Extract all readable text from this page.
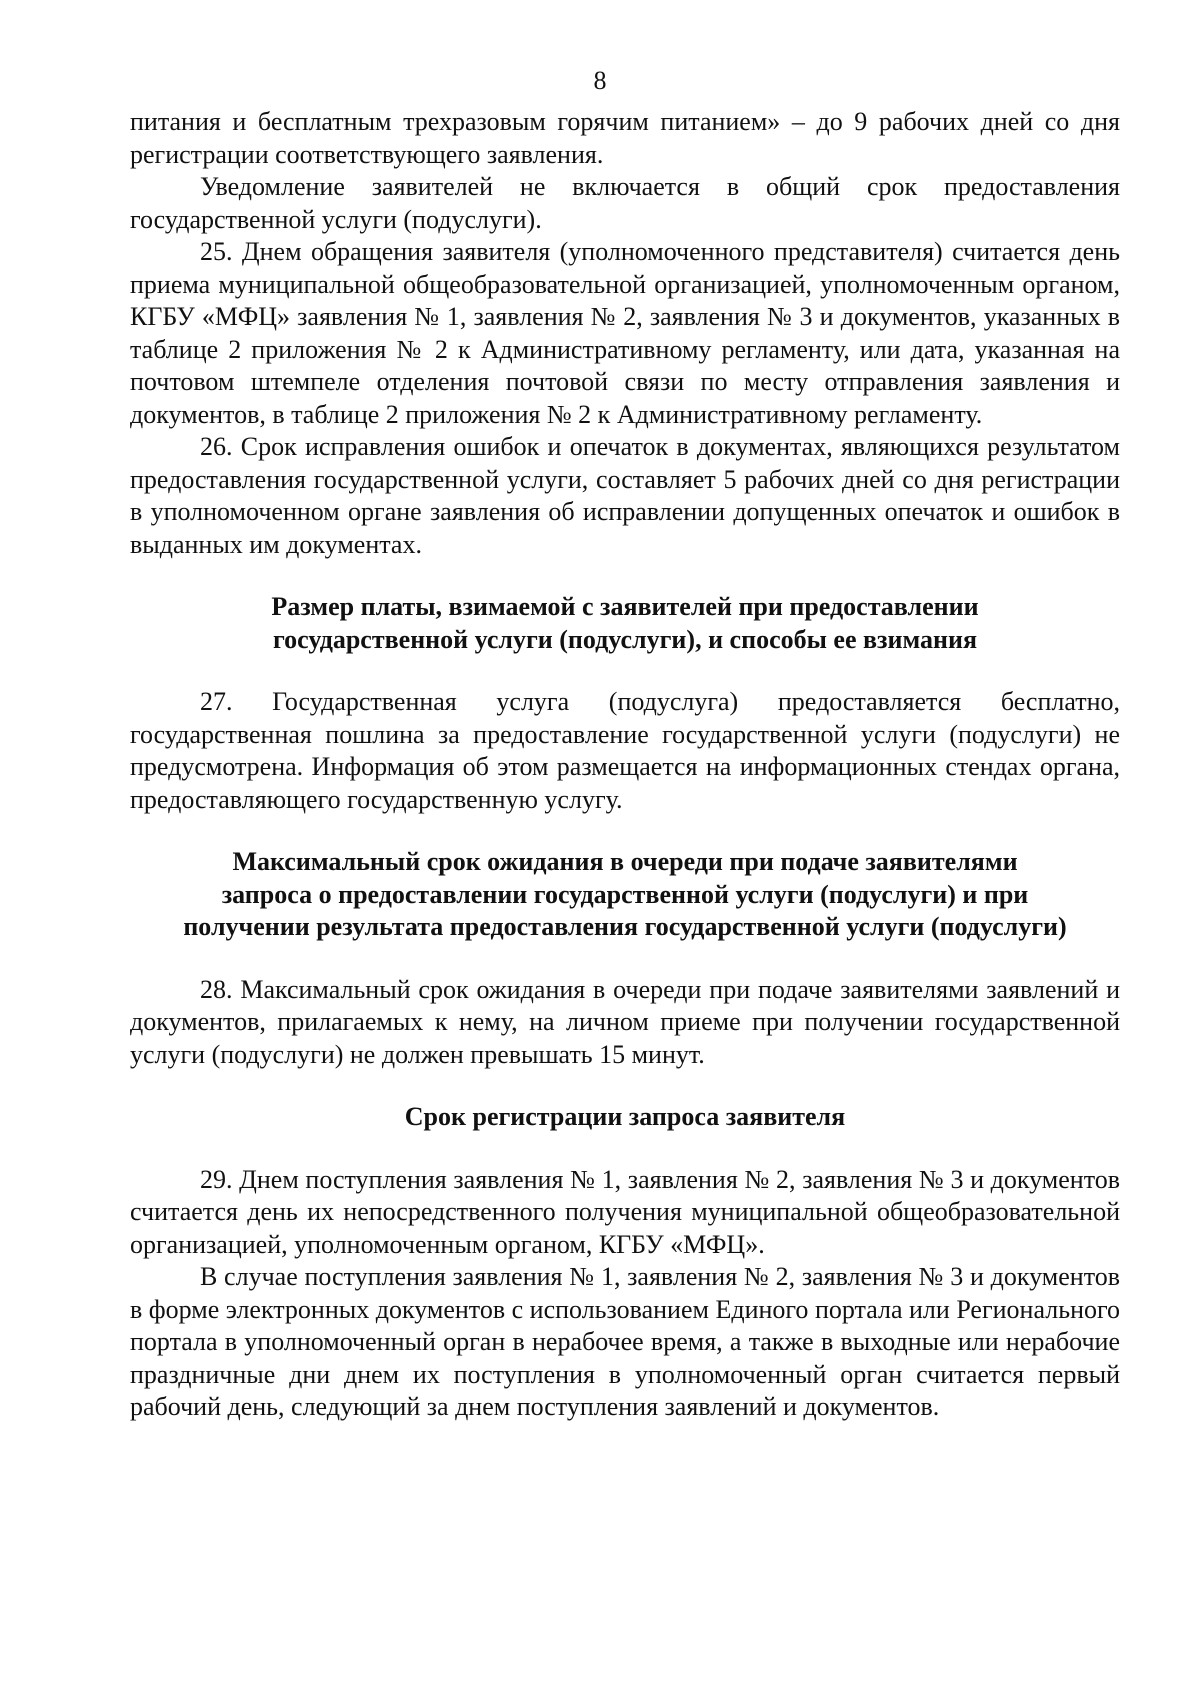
8

питания и бесплатным трехразовым горячим питанием» – до 9 рабочих дней со дня регистрации соответствующего заявления.

Уведомление заявителей не включается в общий срок предоставления государственной услуги (подуслуги).

25. Днем обращения заявителя (уполномоченного представителя) считается день приема муниципальной общеобразовательной организацией, уполномоченным органом, КГБУ «МФЦ» заявления № 1, заявления № 2, заявления № 3 и документов, указанных в таблице 2 приложения № 2 к Административному регламенту, или дата, указанная на почтовом штемпеле отделения почтовой связи по месту отправления заявления и документов, в таблице 2 приложения № 2 к Административному регламенту.

26. Срок исправления ошибок и опечаток в документах, являющихся результатом предоставления государственной услуги, составляет 5 рабочих дней со дня регистрации в уполномоченном органе заявления об исправлении допущенных опечаток и ошибок в выданных им документах.

Размер платы, взимаемой с заявителей при предоставлении
государственной услуги (подуслуги), и способы ее взимания

27. Государственная услуга (подуслуга) предоставляется бесплатно, государственная пошлина за предоставление государственной услуги (подуслуги) не предусмотрена. Информация об этом размещается на информационных стендах органа, предоставляющего государственную услугу.

Максимальный срок ожидания в очереди при подаче заявителями
запроса о предоставлении государственной услуги (подуслуги) и при
получении результата предоставления государственной услуги (подуслуги)

28. Максимальный срок ожидания в очереди при подаче заявителями заявлений и документов, прилагаемых к нему, на личном приеме при получении государственной услуги (подуслуги) не должен превышать 15 минут.

Срок регистрации запроса заявителя

29. Днем поступления заявления № 1, заявления № 2, заявления № 3 и документов считается день их непосредственного получения муниципальной общеобразовательной организацией, уполномоченным органом, КГБУ «МФЦ».

В случае поступления заявления № 1, заявления № 2, заявления № 3 и документов в форме электронных документов с использованием Единого портала или Регионального портала в уполномоченный орган в нерабочее время, а также в выходные или нерабочие праздничные дни днем их поступления в уполномоченный орган считается первый рабочий день, следующий за днем поступления заявлений и документов.
